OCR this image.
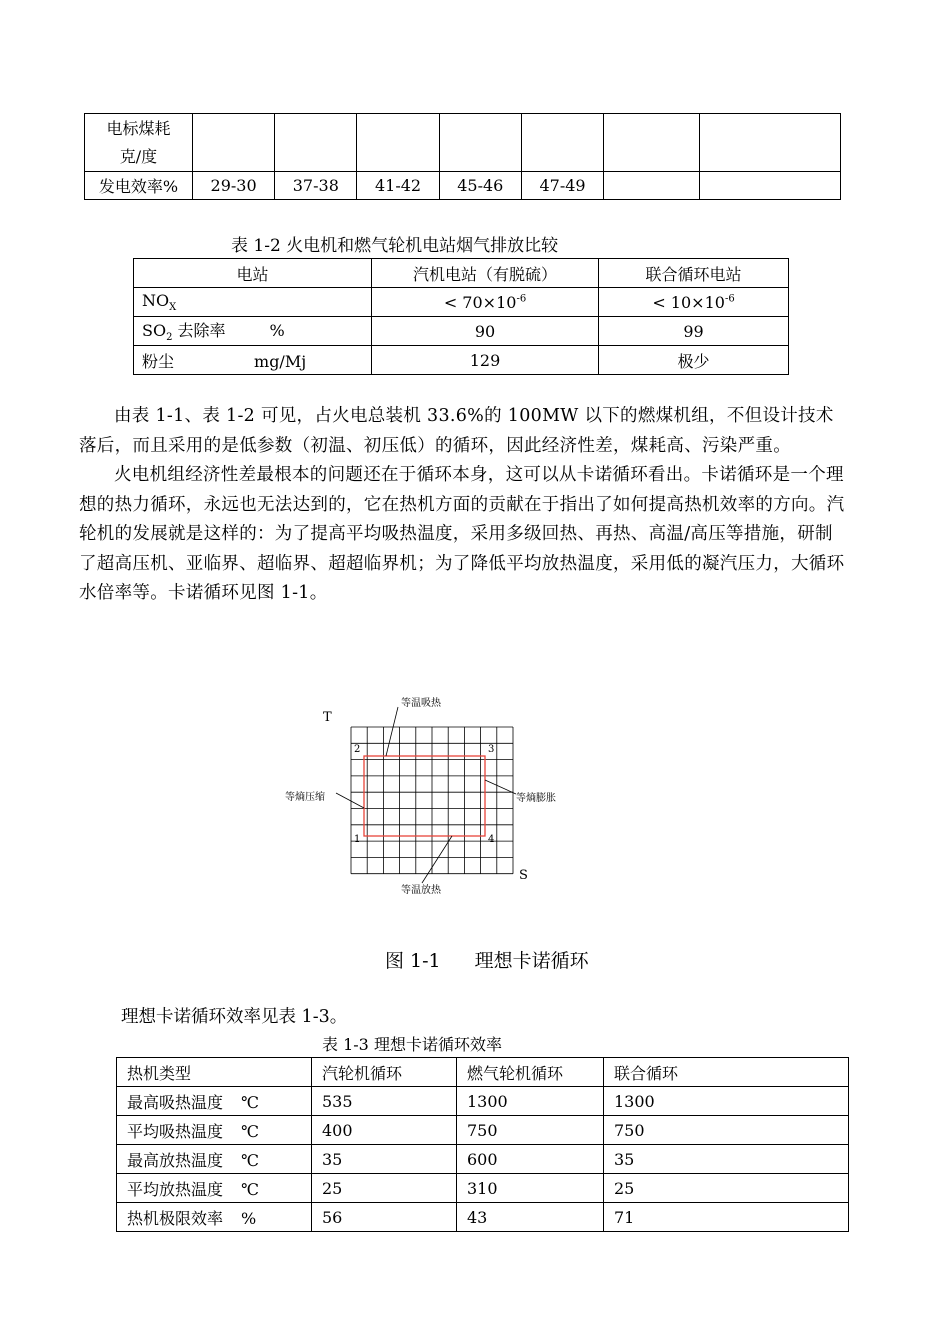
电标煤耗
克/度							
发电效率%	29-30	37-38	41-42	45-46	47-49		
表 1-2 火电机和燃气轮机电站烟气排放比较
电站	汽机电站（有脱硫）	联合循环电站
$NO_X$	< $70\times 10^{-6}$	< $10\times 10^{-6}$
$SO_2$ 去除率 %	90	99
粉尘 mg/Mj	129	极少

由表 1-1、表 1-2 可见，占火电总装机 33.6%的 100MW 以下的燃煤机组，不但设计技术落后，而且采用的是低参数（初温、初压低）的循环，因此经济性差，煤耗高、污染严重。

火电机组经济性差最根本的问题还在于循环本身，这可以从卡诺循环看出。卡诺循环是一个理想的热力循环，永远也无法达到的，它在热机方面的贡献在于指出了如何提高热机效率的方向。汽轮机的发展就是这样的：为了提高平均吸热温度，采用多级回热、再热、高温/高压等措施，研制了超高压机、亚临界、超临界、超超临界机；为了降低平均放热温度，采用低的凝汽压力，大循环水倍率等。卡诺循环见图 1-1。

T
S
等温吸热
等熵压缩	等熵膨胀
等温放热
1
2	3
4
图 1-1 理想卡诺循环
理想卡诺循环效率见表 1-3。
表 1-3 理想卡诺循环效率
热机类型	汽轮机循环	燃气轮机循环	联合循环
最高吸热温度 ℃	535	1300	1300
平均吸热温度 ℃	400	750	750
最高放热温度 ℃	35	600	35
平均放热温度 ℃	25	310	25
热机极限效率 %	56	43	71
